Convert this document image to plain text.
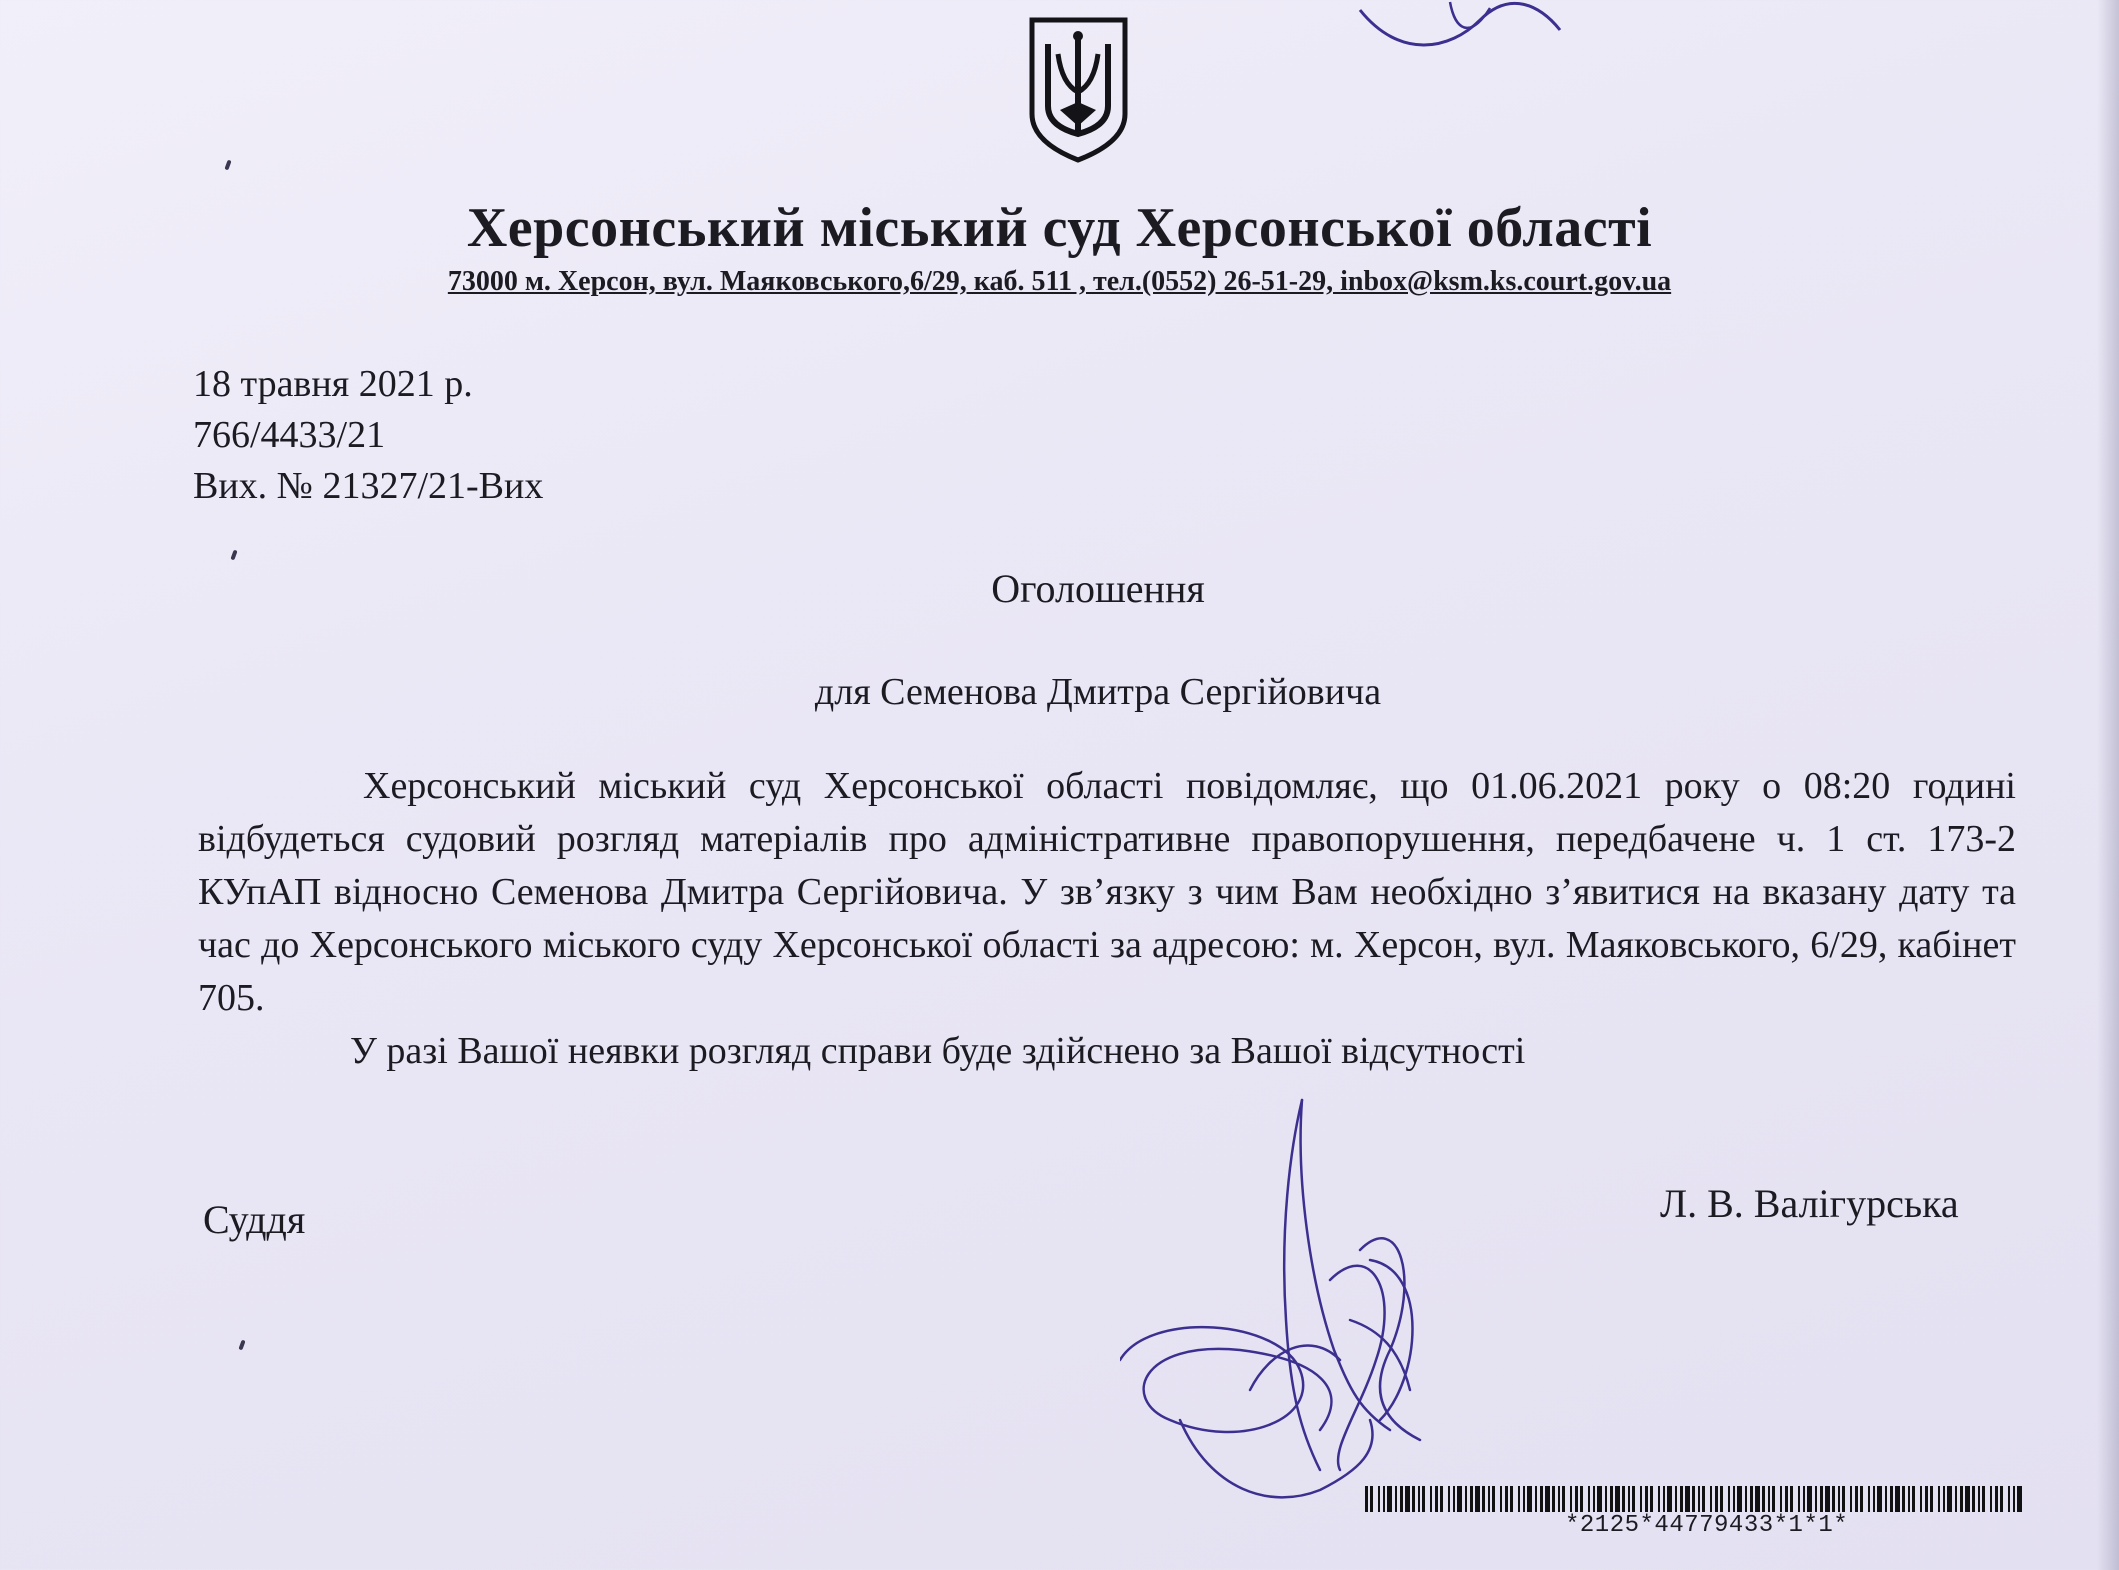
Херсонський міський суд Херсонської області
73000 м. Херсон, вул. Маяковського,6/29, каб. 511 , тел.(0552) 26-51-29, inbox@ksm.ks.court.gov.ua
18 травня 2021 р.
766/4433/21
Вих. № 21327/21-Вих
Оголошення
для Семенова Дмитра Сергійовича

Херсонський міський суд Херсонської області повідомляє, що 01.06.2021 року о 08:20 годині відбудеться судовий розгляд матеріалів про адміністративне правопорушення, передбачене ч. 1 ст. 173-2 КУпАП відносно Семенова Дмитра Сергійовича. У зв’язку з чим Вам необхідно з’явитися на вказану дату та час до Херсонського міського суду Херсонської області за адресою: м. Херсон, вул. Маяковського, 6/29, кабінет 705.

У разі Вашої неявки розгляд справи буде здійснено за Вашої відсутності

Суддя	Л. В. Валігурська
*2125*44779433*1*1*
